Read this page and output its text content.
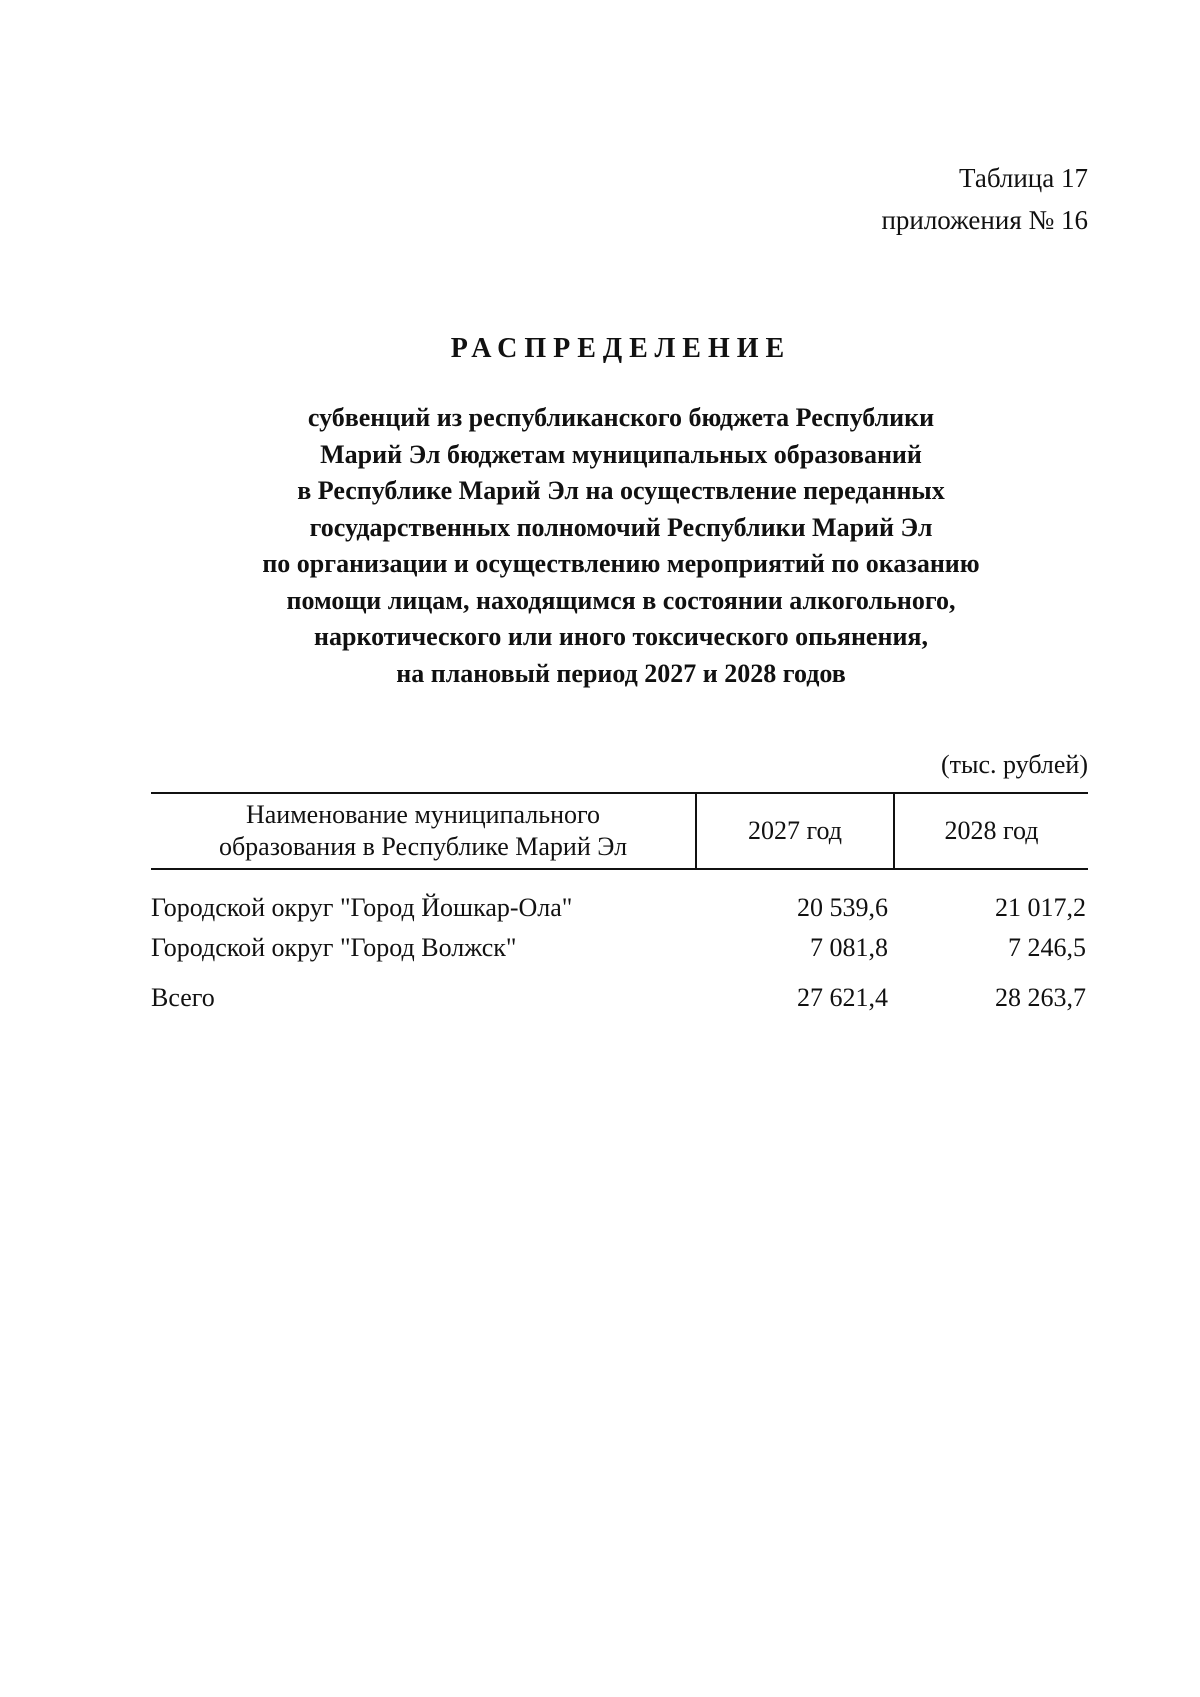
Таблица 17
приложения № 16
РАСПРЕДЕЛЕНИЕ
субвенций из республиканского бюджета Республики
Марий Эл бюджетам муниципальных образований
в Республике Марий Эл на осуществление переданных
государственных полномочий Республики Марий Эл
по организации и осуществлению мероприятий по оказанию
помощи лицам, находящимся в состоянии алкогольного,
наркотического или иного токсического опьянения,
на плановый период 2027 и 2028 годов
(тыс. рублей)
Наименование муниципального
образования в Республике Марий Эл	2027 год	2028 год

Городской округ "Город Йошкар-Ола"	20 539,6	21 017,2
Городской округ "Город Волжск"	7 081,8	7 246,5

Всего	27 621,4	28 263,7
